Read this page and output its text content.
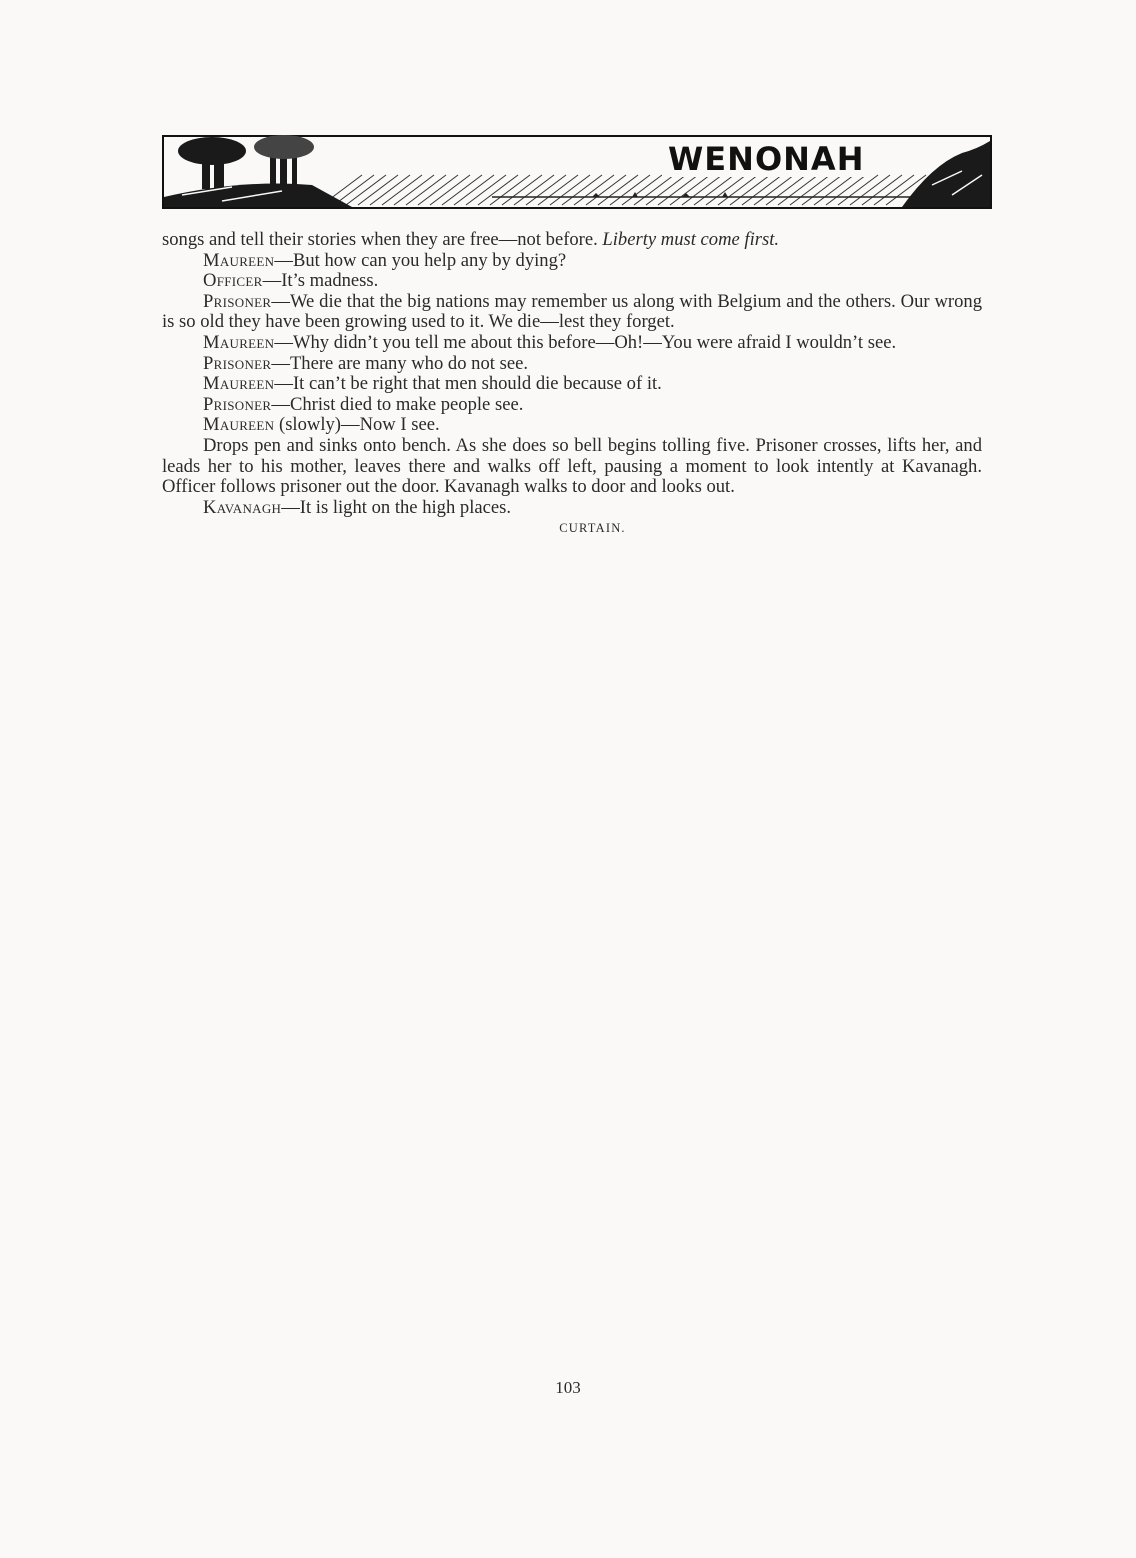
WENONAH

songs and tell their stories when they are free—not before. Liberty must come first.

Maureen—But how can you help any by dying?

Officer—It’s madness.

Prisoner—We die that the big nations may remember us along with Belgium and the others. Our wrong is so old they have been growing used to it. We die—lest they forget.

Maureen—Why didn’t you tell me about this before—Oh!—You were afraid I wouldn’t see.

Prisoner—There are many who do not see.

Maureen—It can’t be right that men should die because of it.

Prisoner—Christ died to make people see.

Maureen (slowly)—Now I see.

Drops pen and sinks onto bench. As she does so bell begins tolling five. Prisoner crosses, lifts her, and leads her to his mother, leaves there and walks off left, pausing a moment to look intently at Kavanagh. Officer follows prisoner out the door. Kavanagh walks to door and looks out.

Kavanagh—It is light on the high places.

CURTAIN.

103
